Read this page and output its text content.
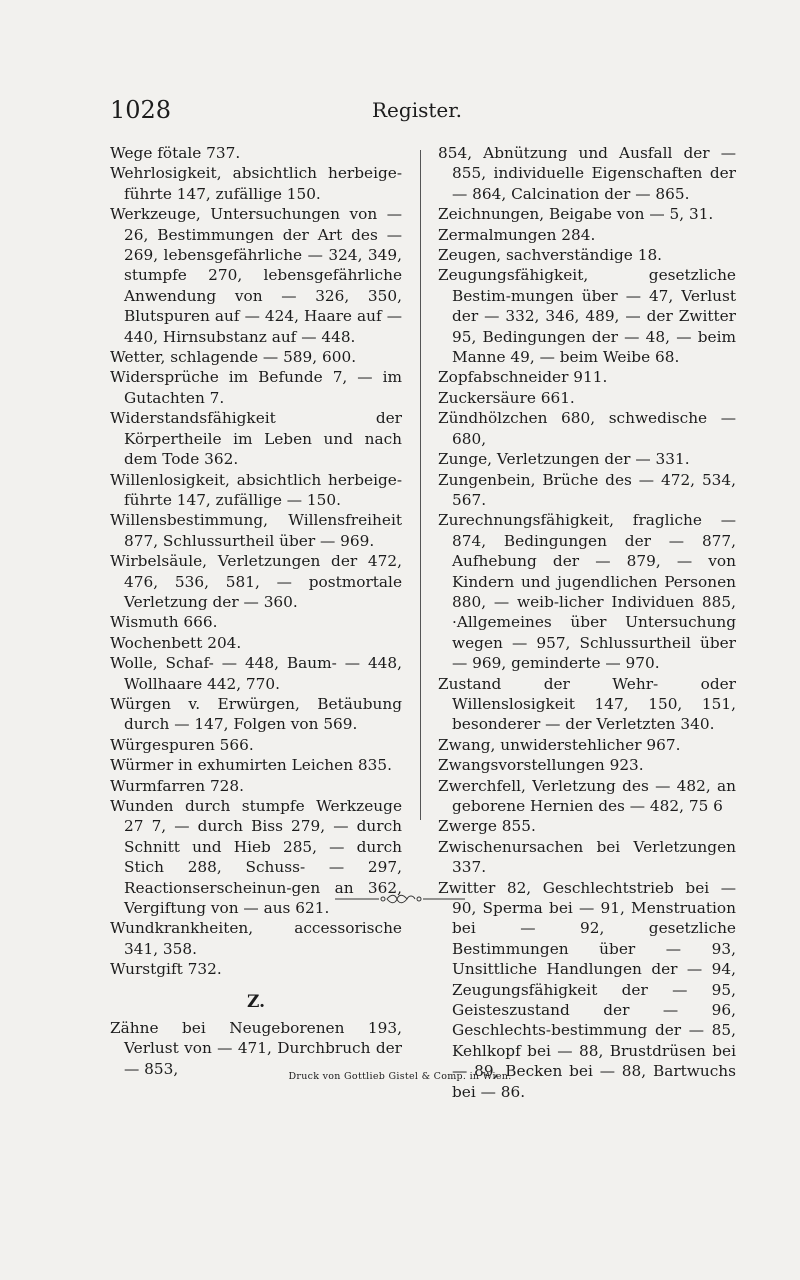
1028	Register.

Wege fötale 737.

Wehrlosigkeit, absichtlich herbeige-führte 147, zufällige 150.

Werkzeuge, Untersuchungen von — 26, Bestimmungen der Art des — 269, lebensgefährliche — 324, 349, stumpfe 270, lebensgefährliche Anwendung von — 326, 350, Blutspuren auf — 424, Haare auf — 440, Hirnsubstanz auf — 448.

Wetter, schlagende — 589, 600.

Widersprüche im Befunde 7, — im Gutachten 7.

Widerstandsfähigkeit der Körpertheile im Leben und nach dem Tode 362.

Willenlosigkeit, absichtlich herbeige-führte 147, zufällige — 150.

Willensbestimmung, Willensfreiheit 877, Schlussurtheil über — 969.

Wirbelsäule, Verletzungen der 472, 476, 536, 581, — postmortale Verletzung der — 360.

Wismuth 666.

Wochenbett 204.

Wolle, Schaf- — 448, Baum- — 448, Wollhaare 442, 770.

Würgen v. Erwürgen, Betäubung durch — 147, Folgen von 569.

Würgespuren 566.

Würmer in exhumirten Leichen 835.

Wurmfarren 728.

Wunden durch stumpfe Werkzeuge 27 7, — durch Biss 279, — durch Schnitt und Hieb 285, — durch Stich 288, Schuss- — 297, Reactionserscheinun-gen an 362, Vergiftung von — aus 621.

Wundkrankheiten, accessorische 341, 358.

Wurstgift 732.

Z.

Zähne bei Neugeborenen 193, Verlust von — 471, Durchbruch der — 853,

854, Abnützung und Ausfall der — 855, individuelle Eigenschaften der — 864, Calcination der — 865.

Zeichnungen, Beigabe von — 5, 31.

Zermalmungen 284.

Zeugen, sachverständige 18.

Zeugungsfähigkeit, gesetzliche Bestim-mungen über — 47, Verlust der — 332, 346, 489, — der Zwitter 95, Bedingungen der — 48, — beim Manne 49, — beim Weibe 68.

Zopfabschneider 911.

Zuckersäure 661.

Zündhölzchen 680, schwedische — 680,

Zunge, Verletzungen der — 331.

Zungenbein, Brüche des — 472, 534, 567.

Zurechnungsfähigkeit, fragliche — 874, Bedingungen der — 877, Aufhebung der — 879, — von Kindern und jugendlichen Personen 880, — weib-licher Individuen 885, ·Allgemeines über Untersuchung wegen — 957, Schlussurtheil über — 969, geminderte — 970.

Zustand der Wehr- oder Willenslosigkeit 147, 150, 151, besonderer — der Verletzten 340.

Zwang, unwiderstehlicher 967.

Zwangsvorstellungen 923.

Zwerchfell, Verletzung des — 482, an geborene Hernien des — 482, 75 6

Zwerge 855.

Zwischenursachen bei Verletzungen 337.

Zwitter 82, Geschlechtstrieb bei — 90, Sperma bei — 91, Menstruation bei — 92, gesetzliche Bestimmungen über — 93, Unsittliche Handlungen der — 94, Zeugungsfähigkeit der — 95, Geisteszustand der — 96, Geschlechts-bestimmung der — 85, Kehlkopf bei — 88, Brustdrüsen bei — 89, Becken bei — 88, Bartwuchs bei — 86.

Druck von Gottlieb Gistel & Comp. in Wien.
